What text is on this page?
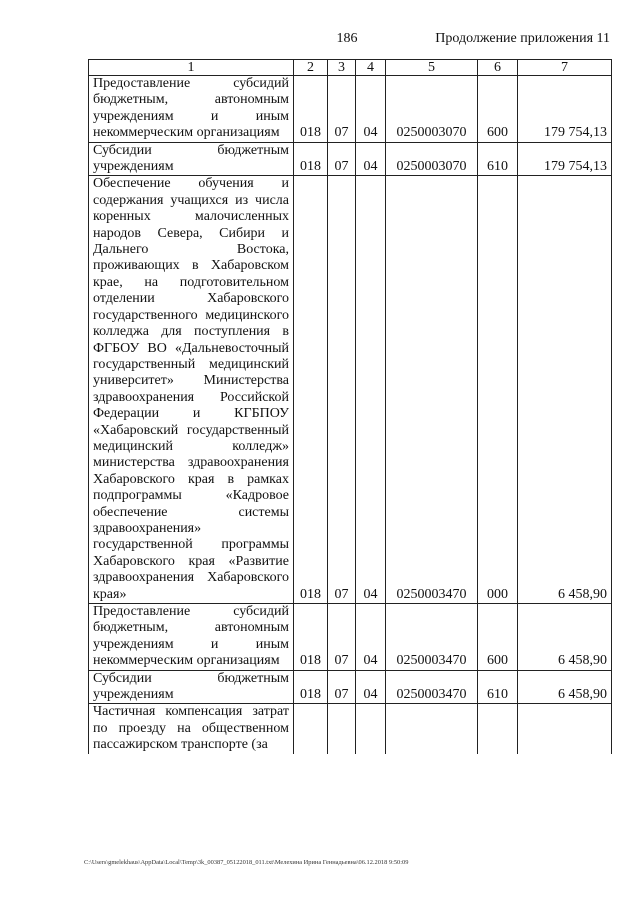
186	Продолжение приложения 11
1	2	3	4	5	6	7
Предоставление субсидий бюджетным, автономным учреждениям и иным некоммерческим организациям	018	07	04	0250003070	600	179 754,13
Субсидии бюджетным учреждениям	018	07	04	0250003070	610	179 754,13
Обеспечение обучения и содержания учащихся из числа коренных малочисленных народов Севера, Сибири и Дальнего Востока, проживающих в Хабаровском крае, на подготовительном отделении Хабаровского государственного медицинского колледжа для поступления в ФГБОУ ВО «Дальневосточный государственный медицинский университет» Министерства здравоохранения Российской Федерации и КГБПОУ «Хабаровский государственный медицинский колледж» министерства здравоохранения Хабаровского края в рамках подпрограммы «Кадровое обеспечение системы здравоохранения» государственной программы Хабаровского края «Развитие здравоохранения Хабаровского края»	018	07	04	0250003470	000	6 458,90
Предоставление субсидий бюджетным, автономным учреждениям и иным некоммерческим организациям	018	07	04	0250003470	600	6 458,90
Субсидии бюджетным учреждениям	018	07	04	0250003470	610	6 458,90
Частичная компенсация затрат по проезду на общественном пассажирском транспорте (за						
C:\Users\gmelekhaus\AppData\Local\Temp\3k_00387_05122018_011.txt\Мелехина Ирина Геннадьевна\06.12.2018 9:50:09
